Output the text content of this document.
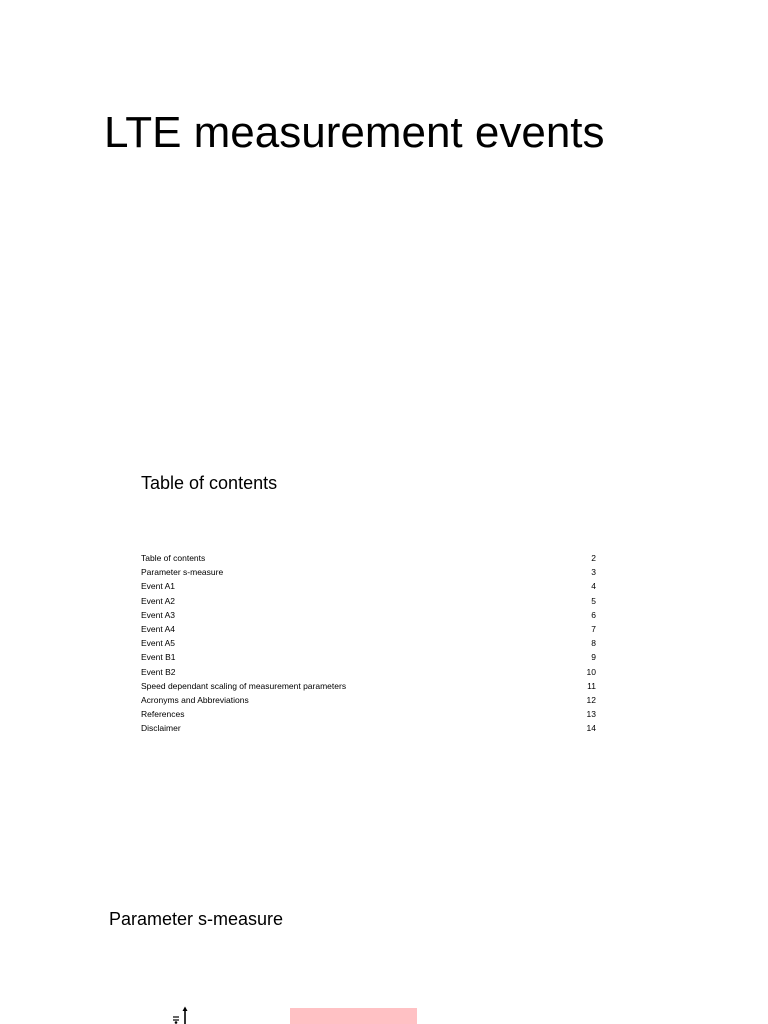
LTE measurement events
Table of contents
Table of contents	2
Parameter s-measure	3
Event A1	4
Event A2	5
Event A3	6
Event A4	7
Event A5	8
Event B1	9
Event B2	10
Speed dependant scaling of measurement parameters	11
Acronyms and Abbreviations	12
References	13
Disclaimer	14
Parameter s-measure
